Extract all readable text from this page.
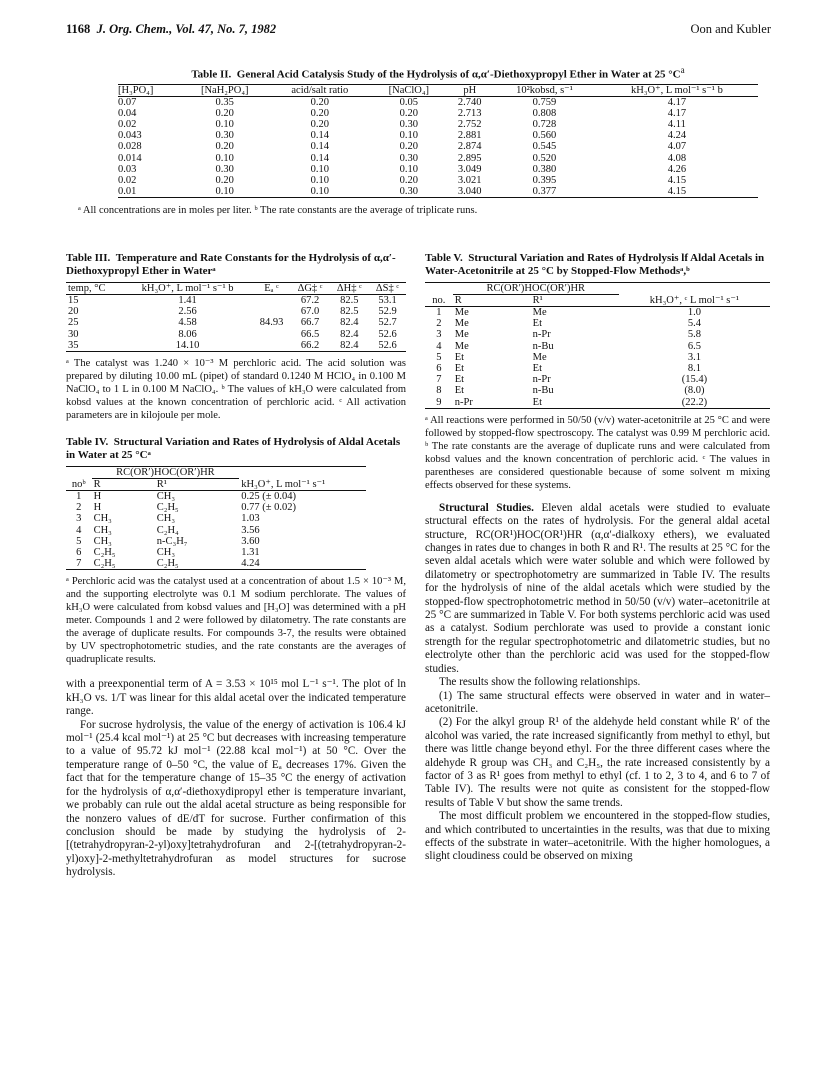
1168 J. Org. Chem., Vol. 47, No. 7, 1982	Oon and Kubler
Table II. General Acid Catalysis Study of the Hydrolysis of α,α′-Diethoxypropyl Ether in Water at 25 $^\circ C^a$
[H₃PO₄]	[NaH₂PO₄]	acid/salt ratio	[NaClO₄]	pH	10²kobsd, s⁻¹	kH₃O⁺, L mol⁻¹ s⁻¹ b
0.07	0.35	0.20	0.05	2.740	0.759	4.17
0.04	0.20	0.20	0.20	2.713	0.808	4.17
0.02	0.10	0.20	0.30	2.752	0.728	4.11
0.043	0.30	0.14	0.10	2.881	0.560	4.24
0.028	0.20	0.14	0.20	2.874	0.545	4.07
0.014	0.10	0.14	0.30	2.895	0.520	4.08
0.03	0.30	0.10	0.10	3.049	0.380	4.26
0.02	0.20	0.10	0.20	3.021	0.395	4.15
0.01	0.10	0.10	0.30	3.040	0.377	4.15
ᵃ All concentrations are in moles per liter. ᵇ The rate constants are the average of triplicate runs.
Table III. Temperature and Rate Constants for the Hydrolysis of α,α′-Diethoxypropyl Ether in Waterᵃ
temp, °C	kH₃O⁺, L mol⁻¹ s⁻¹ b	Eₐ ᶜ	ΔG‡ ᶜ	ΔH‡ ᶜ	ΔS‡ ᶜ
15	1.41		67.2	82.5	53.1
20	2.56		67.0	82.5	52.9
25	4.58	84.93	66.7	82.4	52.7
30	8.06		66.5	82.4	52.6
35	14.10		66.2	82.4	52.6
ᵃ The catalyst was 1.240 × 10⁻³ M perchloric acid. The acid solution was prepared by diluting 10.00 mL (pipet) of standard 0.1240 M HClO₄ in 0.100 M NaClO₄ to 1 L in 0.100 M NaClO₄. ᵇ The values of kH₃O were calculated from kobsd values at the known concentration of perchloric acid. ᶜ All activation parameters are in kilojoule per mole.
Table IV. Structural Variation and Rates of Hydrolysis of Aldal Acetals in Water at 25 °Cᵃ
	RC(OR′)HOC(OR′)HR		
noᵇ	R	R¹	kH₃O⁺, L mol⁻¹ s⁻¹
1	H	CH₃	0.25 (± 0.04)
2	H	C₂H₅	0.77 (± 0.02)
3	CH₃	CH₃	1.03
4	CH₃	C₂H₄	3.56
5	CH₃	n-C₃H₇	3.60
6	C₂H₅	CH₃	1.31
7	C₂H₅	C₂H₅	4.24
ᵃ Perchloric acid was the catalyst used at a concentration of about 1.5 × 10⁻³ M, and the supporting electrolyte was 0.1 M sodium perchlorate. The values of kH₃O were calculated from kobsd values and [H₃O] was determined with a pH meter. Compounds 1 and 2 were followed by dilatometry. The rate constants are the average of duplicate results. For compounds 3-7, the results were obtained by UV spectrophotometric studies, and the rate constants are the averages of quadruplicate results.

with a preexponential term of A = 3.53 × 10¹⁵ mol L⁻¹ s⁻¹. The plot of ln kH₃O vs. 1/T was linear for this aldal acetal over the indicated temperature range.

For sucrose hydrolysis, the value of the energy of activation is 106.4 kJ mol⁻¹ (25.4 kcal mol⁻¹) at 25 °C but decreases with increasing temperature to a value of 95.72 kJ mol⁻¹ (22.88 kcal mol⁻¹) at 50 °C. Over the temperature range of 0–50 °C, the value of Eₐ decreases 17%. Given the fact that for the temperature change of 15–35 °C the energy of activation for the hydrolysis of α,α′-diethoxydipropyl ether is temperature invariant, we probably can rule out the aldal acetal structure as being responsible for the nonzero values of dE/dT for sucrose. Further confirmation of this conclusion should be made by studying the hydrolysis of 2-[(tetrahydropyran-2-yl)oxy]tetrahydrofuran and 2-[(tetrahydropyran-2-yl)oxy]-2-methyltetrahydrofuran as model structures for sucrose hydrolysis.

Table V. Structural Variation and Rates of Hydrolysis lf Aldal Acetals in Water-Acetonitrile at 25 °C by Stopped-Flow Methodsᵃ,ᵇ
	RC(OR′)HOC(OR′)HR		
no.	R	R¹	kH₃O⁺, ᶜ L mol⁻¹ s⁻¹
1	Me	Me	1.0
2	Me	Et	5.4
3	Me	n-Pr	5.8
4	Me	n-Bu	6.5
5	Et	Me	3.1
6	Et	Et	8.1
7	Et	n-Pr	(15.4)
8	Et	n-Bu	(8.0)
9	n-Pr	Et	(22.2)
ᵃ All reactions were performed in 50/50 (v/v) water-acetonitrile at 25 °C and were followed by stopped-flow spectroscopy. The catalyst was 0.99 M perchloric acid. ᵇ The rate constants are the average of duplicate runs and were calculated from kobsd values and the known concentration of perchloric acid. ᶜ The values in parentheses are considered questionable because of some solvent m mixing effects observed for these systems.

Structural Studies. Eleven aldal acetals were studied to evaluate structural effects on the rates of hydrolysis. For the general aldal acetal structure, RC(OR¹)HOC(OR¹)HR (α,α′-dialkoxy ethers), we evaluated changes in rates due to changes in both R and R¹. The results at 25 °C for the seven aldal acetals which were water soluble and which were followed by dilatometry or spectrophotometry are summarized in Table IV. The results for the hydrolysis of nine of the aldal acetals which were studied by the stopped-flow spectrophotometric method in 50/50 (v/v) water–acetonitrile at 25 °C are summarized in Table V. For both systems perchloric acid was used as a catalyst. Sodium perchlorate was used to provide a constant ionic strength for the regular spectrophotometric and dilatometric studies, but no electrolyte other than the perchloric acid was used for the stopped-flow studies.

The results show the following relationships.

(1) The same structural effects were observed in water and in water–acetonitrile.

(2) For the alkyl group R¹ of the aldehyde held constant while R′ of the alcohol was varied, the rate increased significantly from methyl to ethyl, but there was little change beyond ethyl. For the three different cases where the aldehyde R group was CH₃ and C₂H₅, the rate increased consistently by a factor of 3 as R¹ goes from methyl to ethyl (cf. 1 to 2, 3 to 4, and 6 to 7 of Table IV). The results were not quite as consistent for the stopped-flow results of Table V but show the same trends.

The most difficult problem we encountered in the stopped-flow studies, and which contributed to uncertainties in the results, was that due to mixing effects of the substrate in water–acetonitrile. With the higher homologues, a slight cloudiness could be observed on mixing
